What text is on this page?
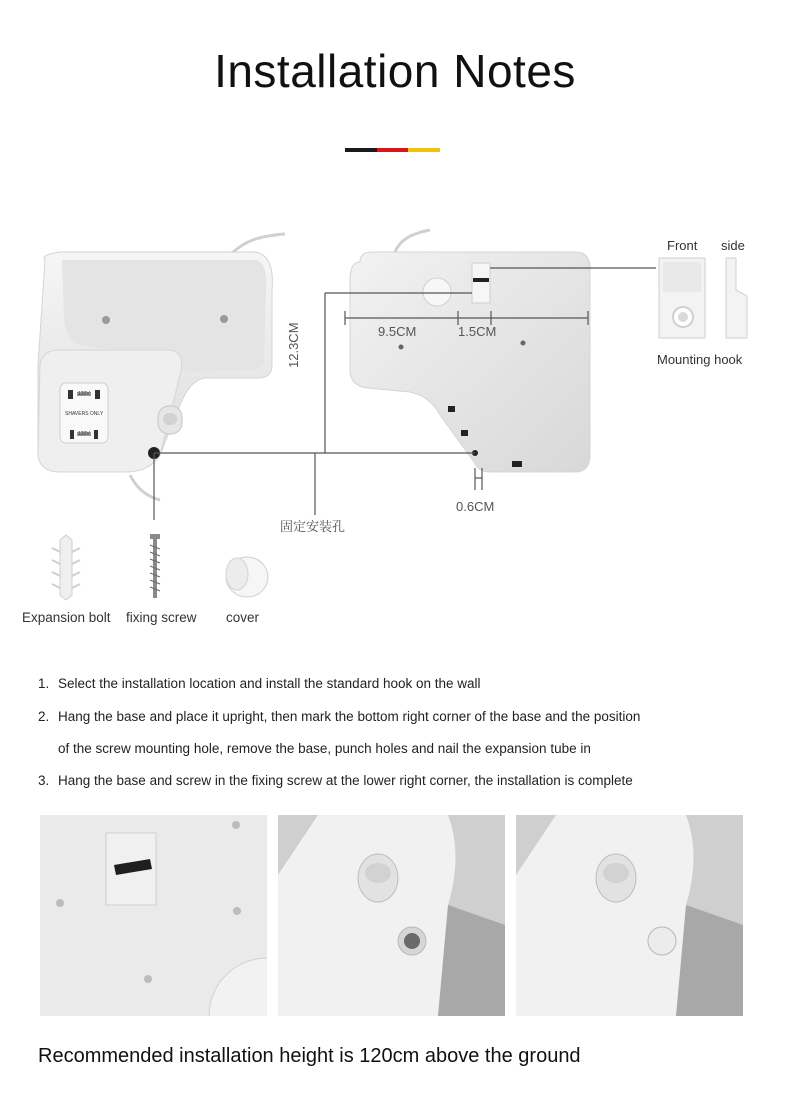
Installation Notes
9.5CM	1.5CM
12.3CM
0.6CM
固定安装孔
120V
SHAVERS ONLY
120V
Front side
Mounting hook
Expansion bolt fixing screw cover
1. Select the installation location and install the standard hook on the wall
2. Hang the base and place it upright, then mark the bottom right corner of the base and the position
of the screw mounting hole, remove the base, punch holes and nail the expansion tube in
3. Hang the base and screw in the fixing screw at the lower right corner, the installation is complete
Recommended installation height is 120cm above the ground
